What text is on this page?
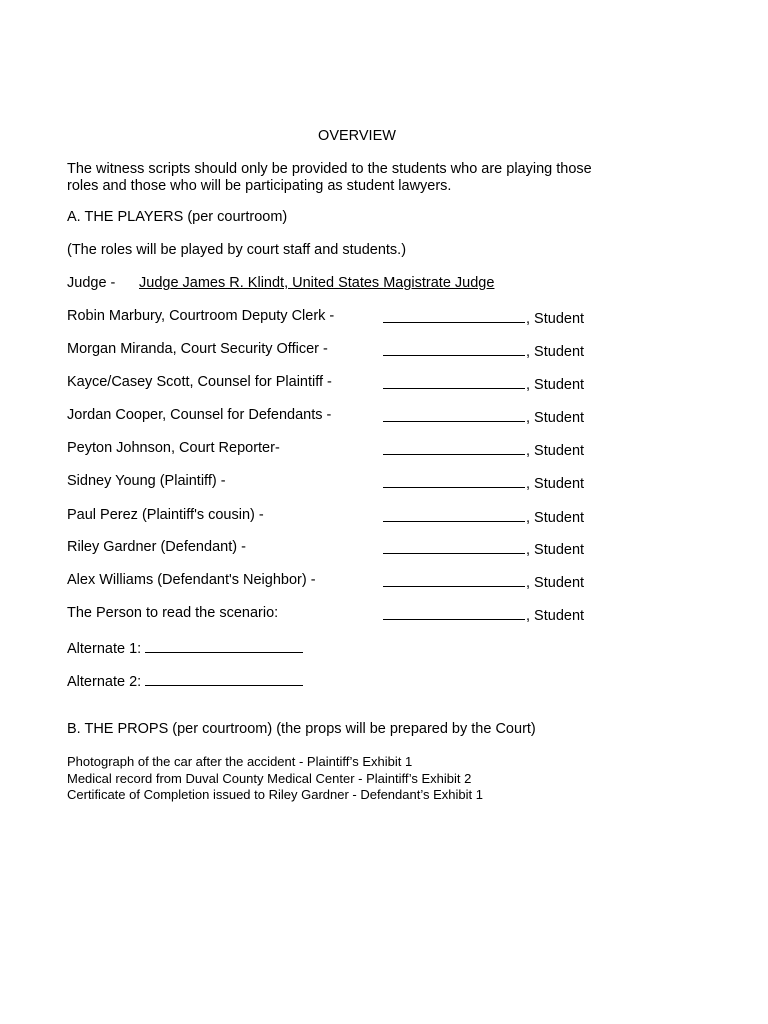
OVERVIEW
The witness scripts should only be provided to the students who are playing those
roles and those who will be participating as student lawyers.
A. THE PLAYERS (per courtroom)
(The roles will be played by court staff and students.)
Judge - Judge James R. Klindt, United States Magistrate Judge
Robin Marbury, Courtroom Deputy Clerk -	, Student
Morgan Miranda, Court Security Officer -	, Student
Kayce/Casey Scott, Counsel for Plaintiff -	, Student
Jordan Cooper, Counsel for Defendants -	, Student
Peyton Johnson, Court Reporter-	, Student
Sidney Young (Plaintiff) -	, Student
Paul Perez (Plaintiff's cousin) -	, Student
Riley Gardner (Defendant) -	, Student
Alex Williams (Defendant's Neighbor) -	, Student
The Person to read the scenario:	, Student
Alternate 1:
Alternate 2:
B. THE PROPS (per courtroom) (the props will be prepared by the Court)
Photograph of the car after the accident - Plaintiff’s Exhibit 1
Medical record from Duval County Medical Center - Plaintiff’s Exhibit 2
Certificate of Completion issued to Riley Gardner - Defendant’s Exhibit 1
